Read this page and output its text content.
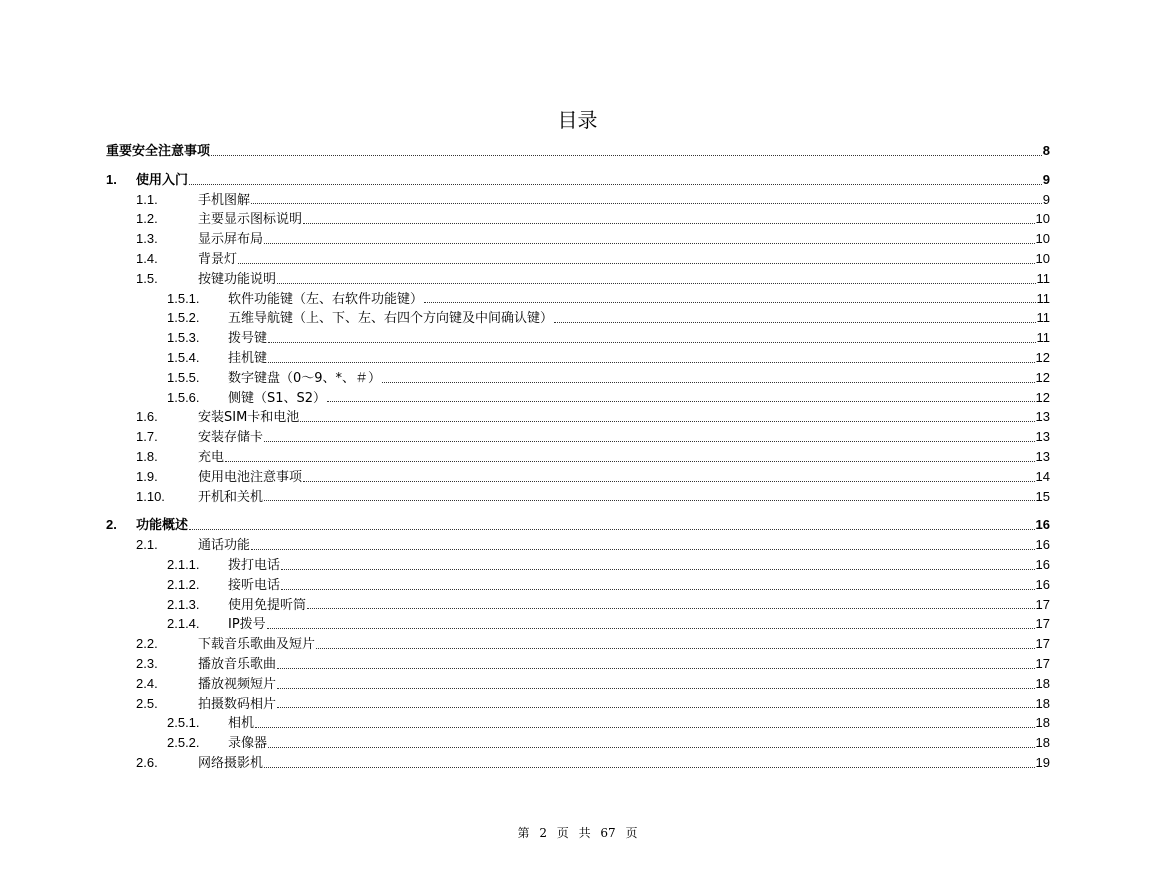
目录
重要安全注意事项	8
1.	使用入门	9
1.1.	手机图解	9
1.2.	主要显示图标说明	10
1.3.	显示屏布局	10
1.4.	背景灯	10
1.5.	按键功能说明	11
1.5.1.	软件功能键（左、右软件功能键）	11
1.5.2.	五维导航键（上、下、左、右四个方向键及中间确认键）	11
1.5.3.	拨号键	11
1.5.4.	挂机键	12
1.5.5.	数字键盘（0～9、*、＃）	12
1.5.6.	侧键（S1、S2）	12
1.6.	安装SIM卡和电池	13
1.7.	安装存储卡	13
1.8.	充电	13
1.9.	使用电池注意事项	14
1.10.	开机和关机	15
2.	功能概述	16
2.1.	通话功能	16
2.1.1.	拨打电话	16
2.1.2.	接听电话	16
2.1.3.	使用免提听筒	17
2.1.4.	IP拨号	17
2.2.	下载音乐歌曲及短片	17
2.3.	播放音乐歌曲	17
2.4.	播放视频短片	18
2.5.	拍摄数码相片	18
2.5.1.	相机	18
2.5.2.	录像器	18
2.6.	网络摄影机	19
第 2 页 共 67 页
